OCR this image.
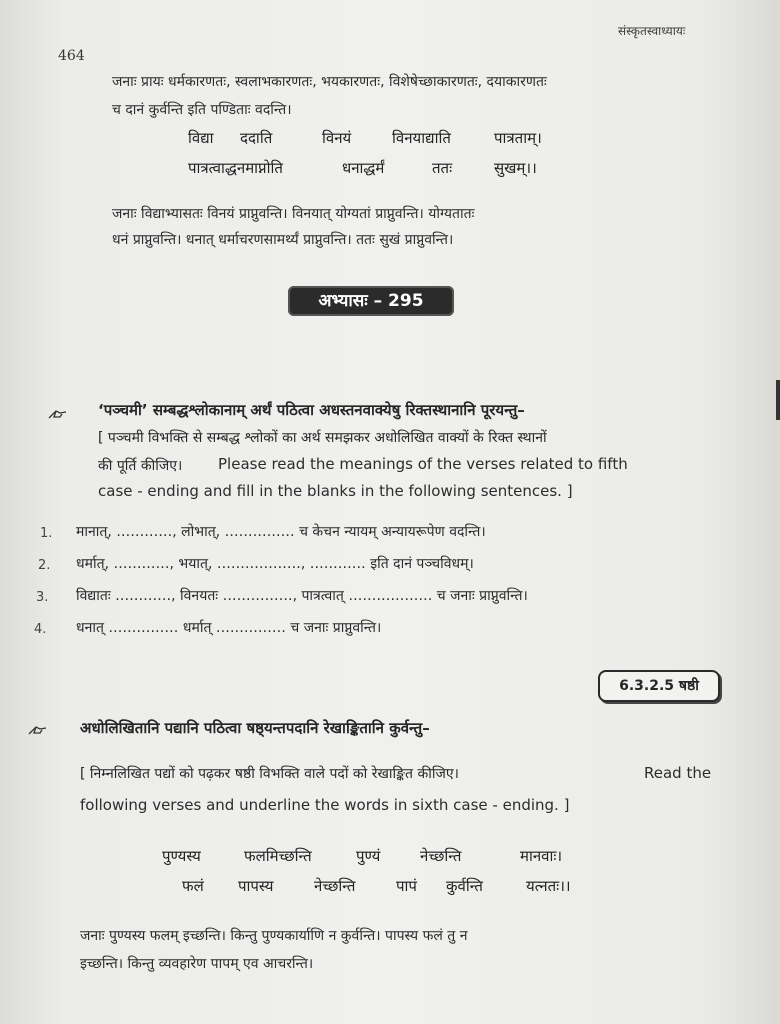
संस्कृतस्वाध्यायः
464
जनाः प्रायः धर्मकारणतः, स्वलाभकारणतः, भयकारणतः, विशेषेच्छाकारणतः, दयाकारणतः
च दानं कुर्वन्ति इति पण्डिताः वदन्ति।
विद्या ददाति	विनयं	विनयाद्याति	पात्रताम्।
पात्रत्वाद्धनमाप्नोति	धनाद्धर्मं	ततः	सुखम्।।
जनाः विद्याभ्यासतः विनयं प्राप्नुवन्ति। विनयात् योग्यतां प्राप्नुवन्ति। योग्यतातः
धनं प्राप्नुवन्ति। धनात् धर्माचरणसामर्थ्यं प्राप्नुवन्ति। ततः सुखं प्राप्नुवन्ति।
अभ्यासः – 295
‘पञ्चमी’ सम्बद्धश्लोकानाम् अर्थं पठित्वा अधस्तनवाक्येषु रिक्तस्थानानि पूरयन्तु–
[ पञ्चमी विभक्ति से सम्बद्ध श्लोकों का अर्थ समझकर अधोलिखित वाक्यों के रिक्त स्थानों
की पूर्ति कीजिए। Please read the meanings of the verses related to fifth
case - ending and fill in the blanks in the following sentences. ]
1. मानात्, …………, लोभात्, …………… च केचन न्यायम् अन्यायरूपेण वदन्ति।
2. धर्मात्, …………, भयात्, ………………, ………… इति दानं पञ्चविधम्।
3. विद्यातः …………, विनयतः ……………, पात्रत्वात् ……………… च जनाः प्राप्नुवन्ति।
4. धनात् …………… धर्मात् …………… च जनाः प्राप्नुवन्ति।
6.3.2.5 षष्ठी
अधोलिखितानि पद्यानि पठित्वा षष्ठ्यन्तपदानि रेखाङ्कितानि कुर्वन्तु–
[ निम्नलिखित पद्यों को पढ़कर षष्ठी विभक्ति वाले पदों को रेखाङ्कित कीजिए।	Read the
following verses and underline the words in sixth case - ending. ]
पुण्यस्य	फलमिच्छन्ति	पुण्यं	नेच्छन्ति	मानवाः।
फलं पापस्य	नेच्छन्ति	पापं कुर्वन्ति	यत्नतः।।
जनाः पुण्यस्य फलम् इच्छन्ति। किन्तु पुण्यकार्याणि न कुर्वन्ति। पापस्य फलं तु न
इच्छन्ति। किन्तु व्यवहारेण पापम् एव आचरन्ति।
